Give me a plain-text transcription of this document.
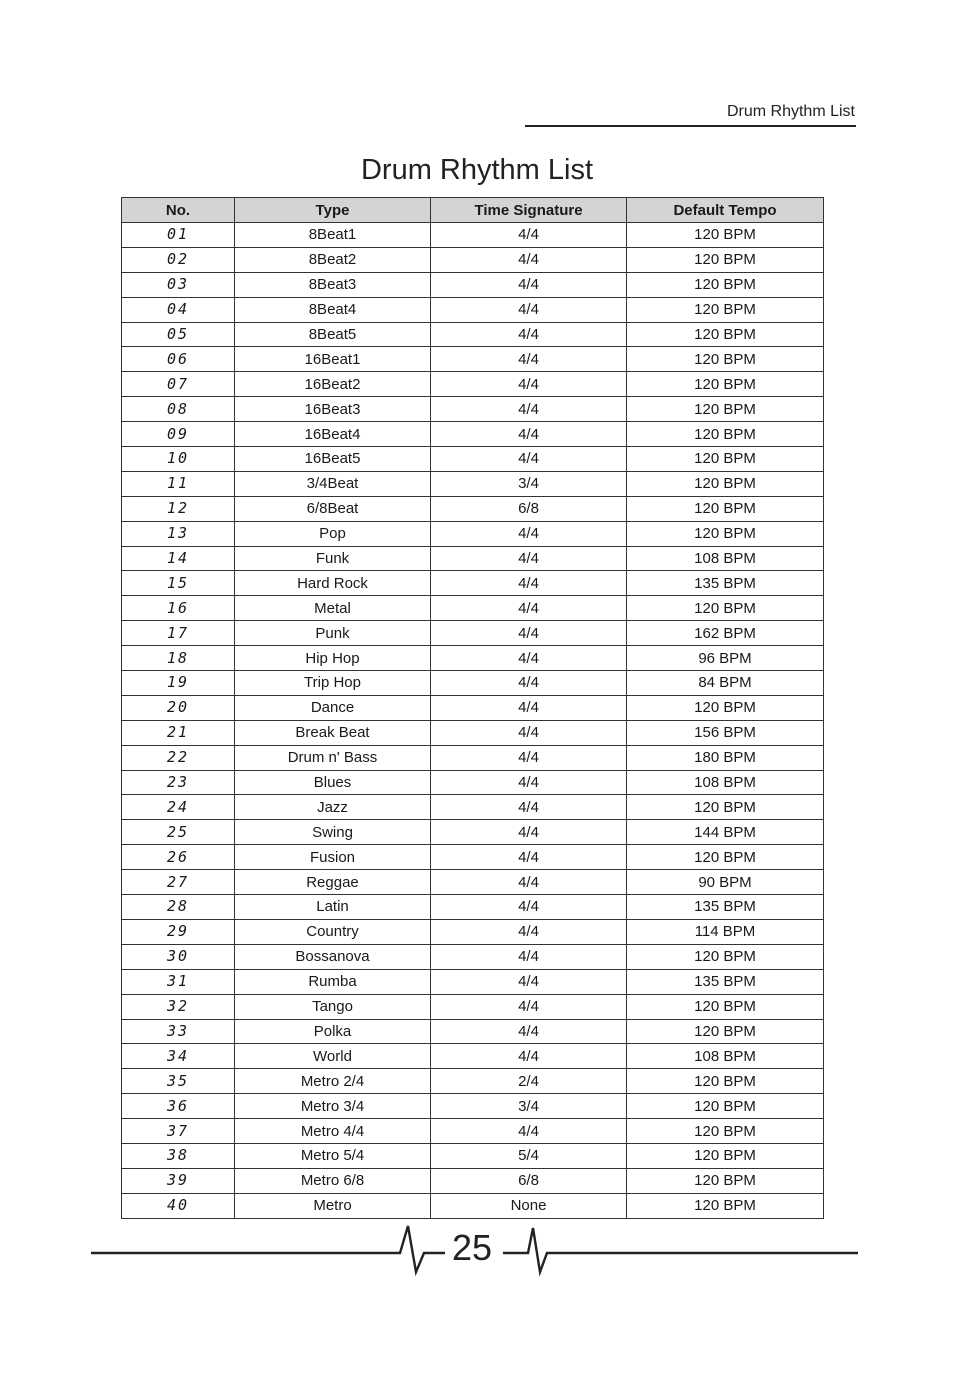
Drum Rhythm List
Drum Rhythm List
No.	Type	Time Signature	Default Tempo
01	8Beat1	4/4	120 BPM
02	8Beat2	4/4	120 BPM
03	8Beat3	4/4	120 BPM
04	8Beat4	4/4	120 BPM
05	8Beat5	4/4	120 BPM
06	16Beat1	4/4	120 BPM
07	16Beat2	4/4	120 BPM
08	16Beat3	4/4	120 BPM
09	16Beat4	4/4	120 BPM
10	16Beat5	4/4	120 BPM
11	3/4Beat	3/4	120 BPM
12	6/8Beat	6/8	120 BPM
13	Pop	4/4	120 BPM
14	Funk	4/4	108 BPM
15	Hard Rock	4/4	135 BPM
16	Metal	4/4	120 BPM
17	Punk	4/4	162 BPM
18	Hip Hop	4/4	96 BPM
19	Trip Hop	4/4	84 BPM
20	Dance	4/4	120 BPM
21	Break Beat	4/4	156 BPM
22	Drum n' Bass	4/4	180 BPM
23	Blues	4/4	108 BPM
24	Jazz	4/4	120 BPM
25	Swing	4/4	144 BPM
26	Fusion	4/4	120 BPM
27	Reggae	4/4	90 BPM
28	Latin	4/4	135 BPM
29	Country	4/4	114 BPM
30	Bossanova	4/4	120 BPM
31	Rumba	4/4	135 BPM
32	Tango	4/4	120 BPM
33	Polka	4/4	120 BPM
34	World	4/4	108 BPM
35	Metro 2/4	2/4	120 BPM
36	Metro 3/4	3/4	120 BPM
37	Metro 4/4	4/4	120 BPM
38	Metro 5/4	5/4	120 BPM
39	Metro 6/8	6/8	120 BPM
40	Metro	None	120 BPM
25
